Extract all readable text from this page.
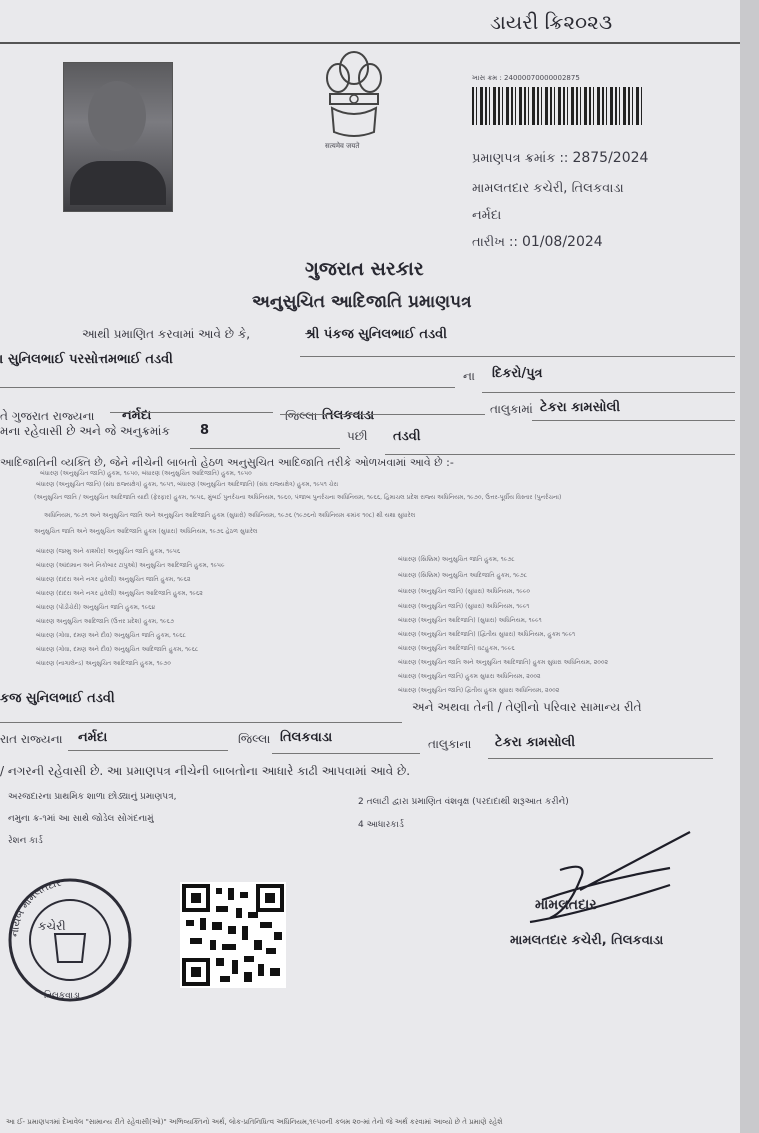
ડાયરી ક્રિ૨૦૨૩
सत्यमेव जयते
ખાસ ક્રમ : 24000070000002875
પ્રમાણપત્ર ક્રમાંક :: 2875/2024
મામલતદાર કચેરી, તિલકવાડા
નર્મદા
તારીખ :: 01/08/2024
ગુજરાત સરકાર
અનુસુચિત આદિજાતિ પ્રમાણપત્ર
આથી પ્રમાણિત કરવામાં આવે છે કે,	શ્રી પંકજ સુનિલભાઈ તડવી
। સુનિલભાઈ પરસોત્તમભાઈ તડવી
ના દિકરો/પુત્ર
તે ગુજરાત રાજ્યના નર્મદા	જિલ્લા તિલકવાડા	તાલુકામાં ટેકરા કામસોલી
મના રહેવાસી છે અને જે અનુક્રમાંક 8	પછી તડવી
આદિજાતિની વ્યક્તિ છે, જેને નીચેની બાબતો હેઠળ અનુસુચિત આદિજાતિ તરીકે ઓળખવામાં આવે છે :-
બંધારણ (અનુસુચિત જાતિ) હુકમ, ૧૯૫૦, બંધારણ (અનુસુચિત આદિજાતિ) હુકમ, ૧૯૫૦
બંધારણ (અનુસુચિત જાતિ) (સંઘ રાજ્યક્ષેત્ર) હુકમ, ૧૯૫૧, બંધારણ (અનુસુચિત આદિજાતિ) (સંઘ રાજ્યક્ષેત્ર) હુકમ, ૧૯૫૧ ચેરા
(અનુસુચિત જાતિ / અનુસુચિત આદિજાતિ યાદી (ફેરફાર) હુકમ, ૧૯૫૬, મુંબઈ પુનર્રચના અધિનિયમ, ૧૯૬૦, પંજાબ પુનર્રચના અધિનિયમ, ૧૯૬૬, હિમાચલ પ્રદેશ રાજ્ય અધિનિયમ, ૧૯૭૦, ઉત્તર-પૂર્વીય વિસ્તાર (પુનર્રચના)
અધિનિયમ, ૧૯૭૧ અને અનુસુચિત જાતિ અને અનુસુચિત આદિજાતિ હુકમ (સુધારો) અધિનિયમ, ૧૯૭૬ (૧૯૭૬નો અધિનિયમ ક્રમાંક ૧૦૮) થી યથા સુધારેલ
અનુસુચિત જાતિ અને અનુસુચિત આદિજાતિ હુકમ (સુધારા) અધિનિયમ, ૧૯૭૬ હેઠળ સુધારેલ
બંધારણ (જમ્મુ અને કાશ્મીર) અનુસુચિત જાતિ હુકમ, ૧૯૫૬
બંધારણ (આંદામાન અને નિકોબાર ટાપુઓ) અનુસુચિત આદિજાતિ હુકમ, ૧૯૫૯
બંધારણ (દાદરા અને નગર હવેલી) અનુસુચિત જાતિ હુકમ, ૧૯૬૨
બંધારણ (દાદરા અને નગર હવેલી) અનુસુચિત આદિજાતિ હુકમ, ૧૯૬૨
બંધારણ (પોંડીચેરી) અનુસુચિત જાતિ હુકમ, ૧૯૬૪
બંધારણ અનુસુચિત આદિજાતિ (ઉત્તર પ્રદેશ) હુકમ, ૧૯૬૭
બંધારણ (ગોવા, દમણ અને દીવ) અનુસુચિત જાતિ હુકમ, ૧૯૬૮
બંધારણ (ગોવા, દમણ અને દીવ) અનુસુચિત આદિજાતિ હુકમ, ૧૯૬૮
બંધારણ (નાગાલેન્ડ) અનુસુચિત આદિજાતિ હુકમ, ૧૯૭૦
બંધારણ (સિક્કિમ) અનુસુચિત જાતિ હુકમ, ૧૯૭૮
બંધારણ (સિક્કિમ) અનુસુચિત આદિજાતિ હુકમ, ૧૯૭૮
બંધારણ (અનુસુચિત જાતિ) (સુધારા) અધિનિયમ, ૧૯૯૦
બંધારણ (અનુસુચિત જાતિ) (સુધારા) અધિનિયમ, ૧૯૯૧
બંધારણ (અનુસુચિત આદિજાતિ) (સુધારા) અધિનિયમ, ૧૯૯૧
બંધારણ (અનુસુચિત આદિજાતિ) (દ્વિતીય સુધારા) અધિનિયમ, હુકમ ૧૯૯૧
બંધારણ (અનુસુચિત આદિજાતિ) વટહુકમ, ૧૯૯૬
બંધારણ (અનુસુચિત જાતિ અને અનુસુચિત આદિજાતિ) હુકમ સુધારા અધિનિયમ, ૨૦૦૨
બંધારણ (અનુસુચિત જાતિ) હુકમ સુધારા અધિનિયમ, ૨૦૦૨
બંધારણ (અનુસુચિત જાતિ) દ્વિતીય હુકમ સુધારા અધિનિયમ, ૨૦૦૨
કજ સુનિલભાઈ તડવી
અને અથવા તેની / તેણીનો પરિવાર સામાન્ય રીતે
રાત રાજ્યના નર્મદા	જિલ્લા તિલકવાડા	તાલુકાના ટેકરા કામસોલી
/ નગરની રહેવાસી છે. આ પ્રમાણપત્ર નીચેની બાબતોના આધારે કાઢી આપવામાં આવે છે.
અરજદારના પ્રાથમિક શાળા છોડ્યાનું પ્રમાણપત્ર,
નમુના ક્ર-૧માં આ સાથે જોડેલ સોગંદનામું
રેશન કાર્ડ
2 તલાટી દ્વારા પ્રમાણિત વંશવૃક્ષ (પરદાદાથી શરૂઆત કરીને)
4 આધારકાર્ડ
નાયબ મામલતદાર
કચેરી
તિલકવાડા
મામલતદાર
મામલતદાર કચેરી, તિલકવાડા
આ ઈ- પ્રમાણપત્રમાં દેખાવેલ "સામાન્ય રીતે રહેવાસી(ઓ)" અભિવ્યક્તિનો અર્થ, લોક-પ્રતિનિધિત્વ અધિનિયમ,૧૯૫૦ની કલમ ૨૦-માં તેનો જે અર્થ કરવામાં આવ્યો છે તે પ્રમાણે રહેશે
